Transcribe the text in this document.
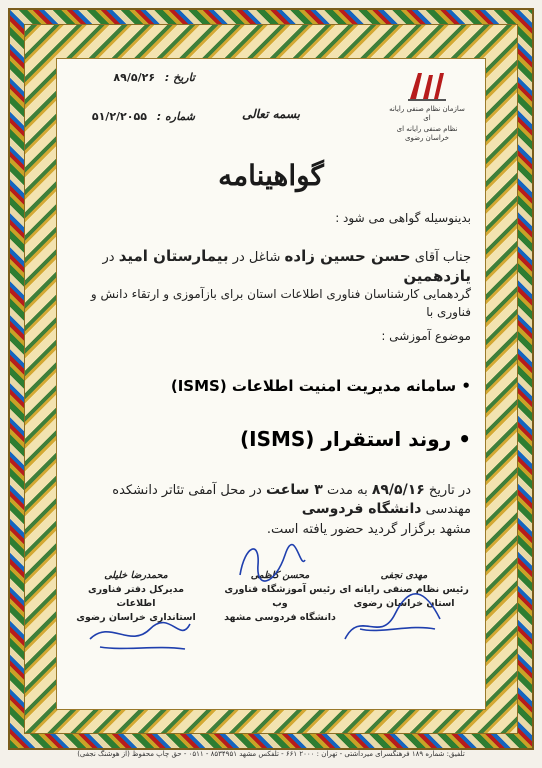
سازمان نظام صنفی رایانه ای
نظام صنفی رایانه ای خراسان رضوی
تاریخ : ۸۹/۵/۲۶
شماره : ۵۱/۲/۲۰۵۵	بسمه تعالی
گواهینامه
بدینوسیله گواهی می شود :
جناب آقای حسن حسین زاده شاغل در بیمارستان امید در یازدهمین
گردهمایی کارشناسان فناوری اطلاعات استان برای بازآموزی و ارتقاء دانش و فناوری با
موضوع آموزشی :
• سامانه مدیریت امنیت اطلاعات (ISMS)
• روند استقرار (ISMS)
در تاریخ ۸۹/۵/۱۶ به مدت ۳ ساعت در محل آمفی تئاتر دانشکده مهندسی دانشگاه فردوسی
مشهد برگزار گردید حضور یافته است.
مهدی نجفی
رئیس نظام صنفی رایانه ای
استان خراسان رضوی
محسن کاظمی
رئیس آموزشگاه فناوری وب
دانشگاه فردوسی مشهد
محمدرضا خلیلی
مدیرکل دفتر فناوری اطلاعات
استانداری خراسان رضوی
تلفیق: شماره ۱۸۹ فرهنگسرای میرداشتی - تهران : ۲۰۰۰ ۶۶۱ - تلفکس مشهد ۸۵۳۴۹۵۱ - ۰۵۱۱ - حق چاپ محفوظ (از هوشنگ نجفی)
